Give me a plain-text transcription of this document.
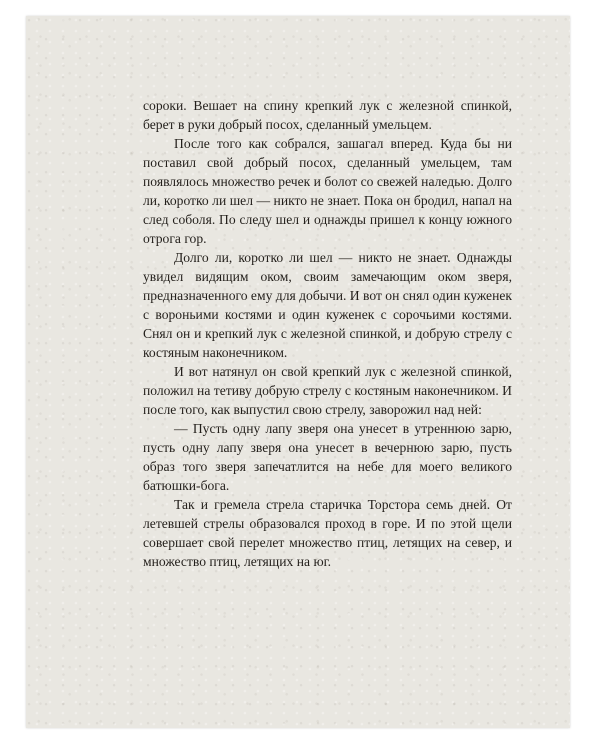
сороки. Вешает на спину крепкий лук с железной спинкой, берет в руки добрый посох, сделанный умельцем.

После того как собрался, зашагал вперед. Куда бы ни поставил свой добрый посох, сделанный умельцем, там появлялось множество речек и болот со свежей наледью. Долго ли, коротко ли шел — никто не знает. Пока он бродил, напал на след соболя. По следу шел и однажды пришел к концу южного отрога гор.

Долго ли, коротко ли шел — никто не знает. Однажды увидел видящим оком, своим замечающим оком зверя, предназначенного ему для добычи. И вот он снял один куженек с вороньими костями и один куженек с сорочьими костями. Снял он и крепкий лук с железной спинкой, и добрую стрелу с костяным наконечником.

И вот натянул он свой крепкий лук с железной спинкой, положил на тетиву добрую стрелу с костяным наконечником. И после того, как выпустил свою стрелу, заворожил над ней:

— Пусть одну лапу зверя она унесет в утреннюю зарю, пусть одну лапу зверя она унесет в вечернюю зарю, пусть образ того зверя запечатлится на небе для моего великого батюшки-бога.

Так и гремела стрела старичка Торстора семь дней. От летевшей стрелы образовался проход в горе. И по этой щели совершает свой перелет множество птиц, летящих на север, и множество птиц, летящих на юг.
